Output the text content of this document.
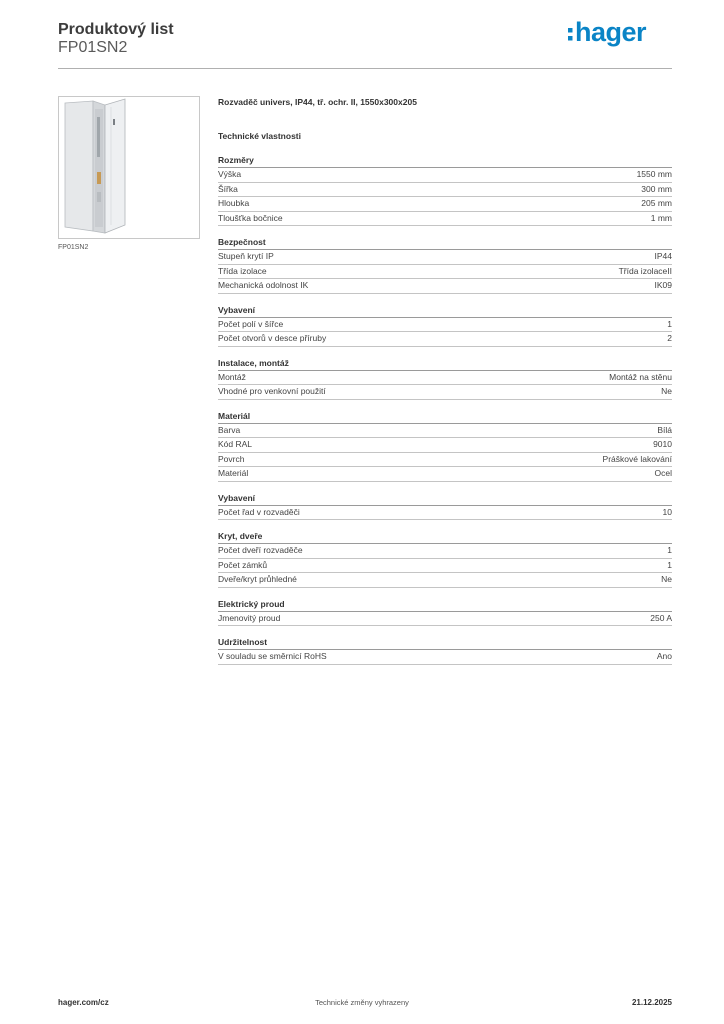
Produktový list
FP01SN2
hager
FP01SN2
Rozvaděč univers, IP44, tř. ochr. II, 1550x300x205
Technické vlastnosti
Rozměry
Výška	1550 mm
Šířka	300 mm
Hloubka	205 mm
Tloušťka bočnice	1 mm
Bezpečnost
Stupeň krytí IP	IP44
Třída izolace	Třída izolaceII
Mechanická odolnost IK	IK09
Vybavení
Počet polí v šířce	1
Počet otvorů v desce příruby	2
Instalace, montáž
Montáž	Montáž na stěnu
Vhodné pro venkovní použití	Ne
Materiál
Barva	Bílá
Kód RAL	9010
Povrch	Práškové lakování
Materiál	Ocel
Vybavení
Počet řad v rozvaděči	10
Kryt, dveře
Počet dveří rozvaděče	1
Počet zámků	1
Dveře/kryt průhledné	Ne
Elektrický proud
Jmenovitý proud	250 A
Udržitelnost
V souladu se směrnicí RoHS	Ano
hager.com/cz	Technické změny vyhrazeny	21.12.2025
